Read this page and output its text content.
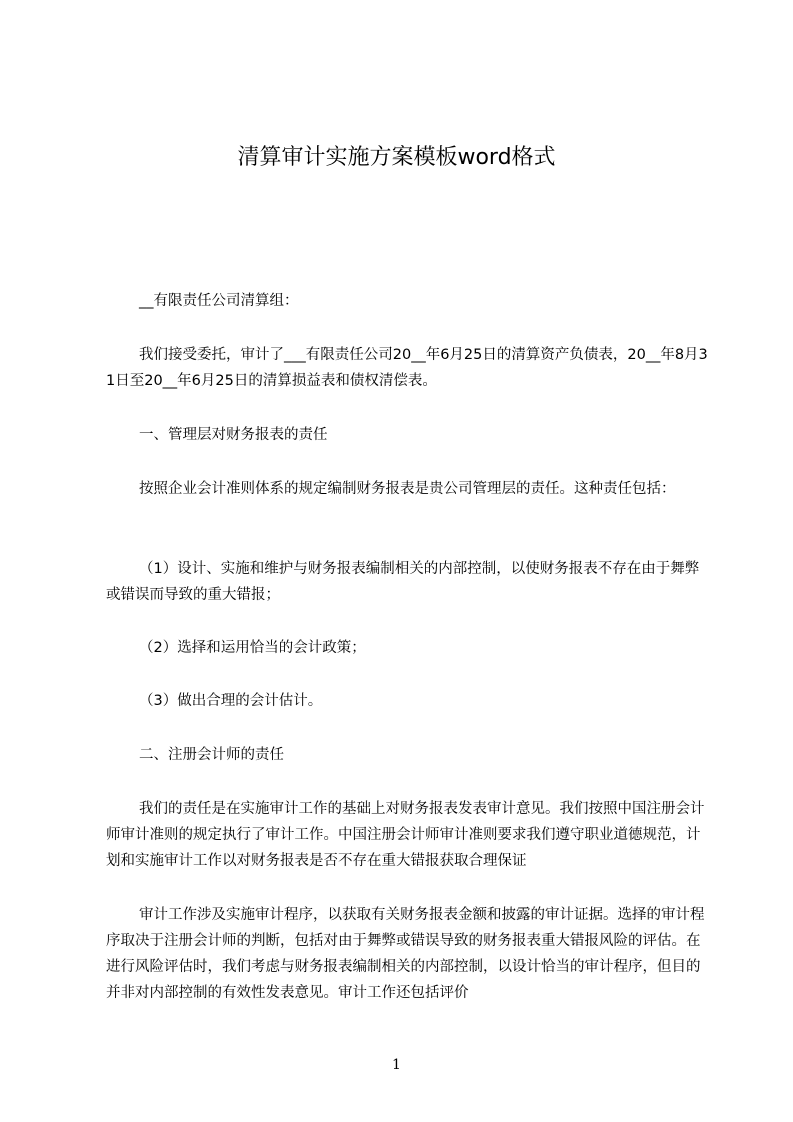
清算审计实施方案模板word格式

__有限责任公司清算组：

我们接受委托，审计了___有限责任公司20__年6月25日的清算资产负债表，20__年8月31日至20__年6月25日的清算损益表和债权清偿表。

一、管理层对财务报表的责任

按照企业会计准则体系的规定编制财务报表是贵公司管理层的责任。这种责任包括：

（1）设计、实施和维护与财务报表编制相关的内部控制，以使财务报表不存在由于舞弊或错误而导致的重大错报；

（2）选择和运用恰当的会计政策；

（3）做出合理的会计估计。

二、注册会计师的责任

我们的责任是在实施审计工作的基础上对财务报表发表审计意见。我们按照中国注册会计师审计准则的规定执行了审计工作。中国注册会计师审计准则要求我们遵守职业道德规范，计划和实施审计工作以对财务报表是否不存在重大错报获取合理保证

审计工作涉及实施审计程序，以获取有关财务报表金额和披露的审计证据。选择的审计程序取决于注册会计师的判断，包括对由于舞弊或错误导致的财务报表重大错报风险的评估。在进行风险评估时，我们考虑与财务报表编制相关的内部控制，以设计恰当的审计程序，但目的并非对内部控制的有效性发表意见。审计工作还包括评价

1
